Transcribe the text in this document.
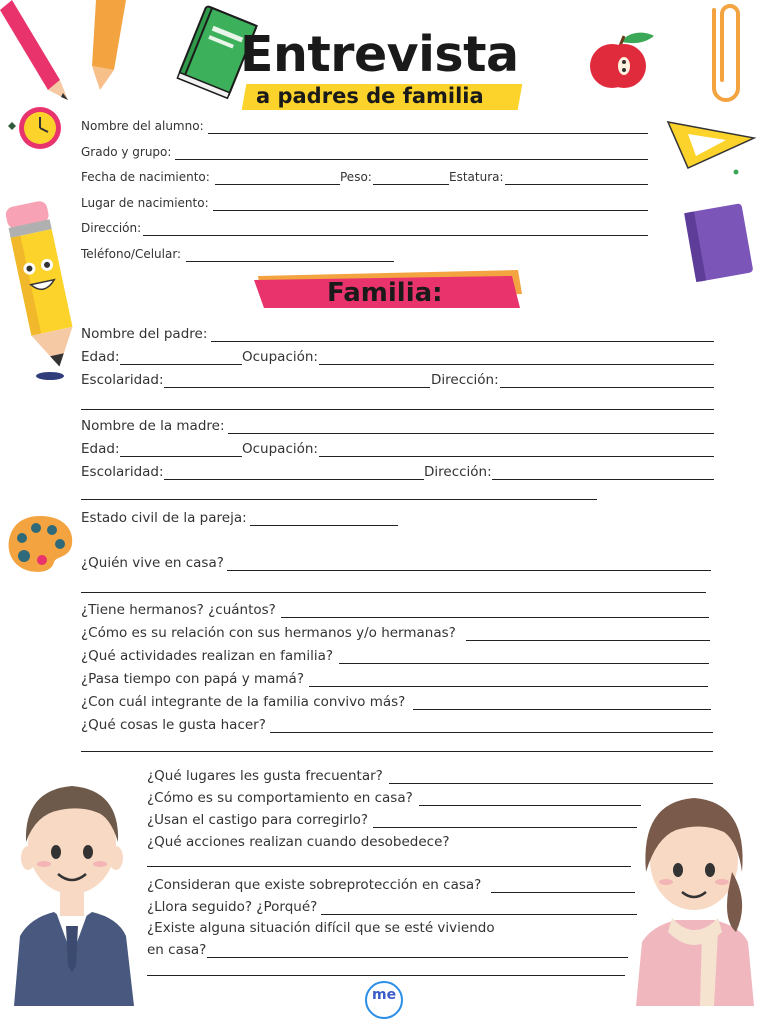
Entrevista
a padres de familia
Nombre del alumno:
Grado y grupo:
Fecha de nacimiento:	Peso:	Estatura:
Lugar de nacimiento:
Dirección:
Teléfono/Celular:
Familia:
Nombre del padre:
Edad:	Ocupación:
Escolaridad:	Dirección:
Nombre de la madre:
Edad:	Ocupación:
Escolaridad:	Dirección:
Estado civil de la pareja:
¿Quién vive en casa?
¿Tiene hermanos? ¿cuántos?
¿Cómo es su relación con sus hermanos y/o hermanas?
¿Qué actividades realizan en familia?
¿Pasa tiempo con papá y mamá?
¿Con cuál integrante de la familia convivo más?
¿Qué cosas le gusta hacer?
¿Qué lugares les gusta frecuentar?
¿Cómo es su comportamiento en casa?
¿Usan el castigo para corregirlo?
¿Qué acciones realizan cuando desobedece?
¿Consideran que existe sobreprotección en casa?
¿Llora seguido? ¿Porqué?
¿Existe alguna situación difícil que se esté viviendo
en casa?
me
